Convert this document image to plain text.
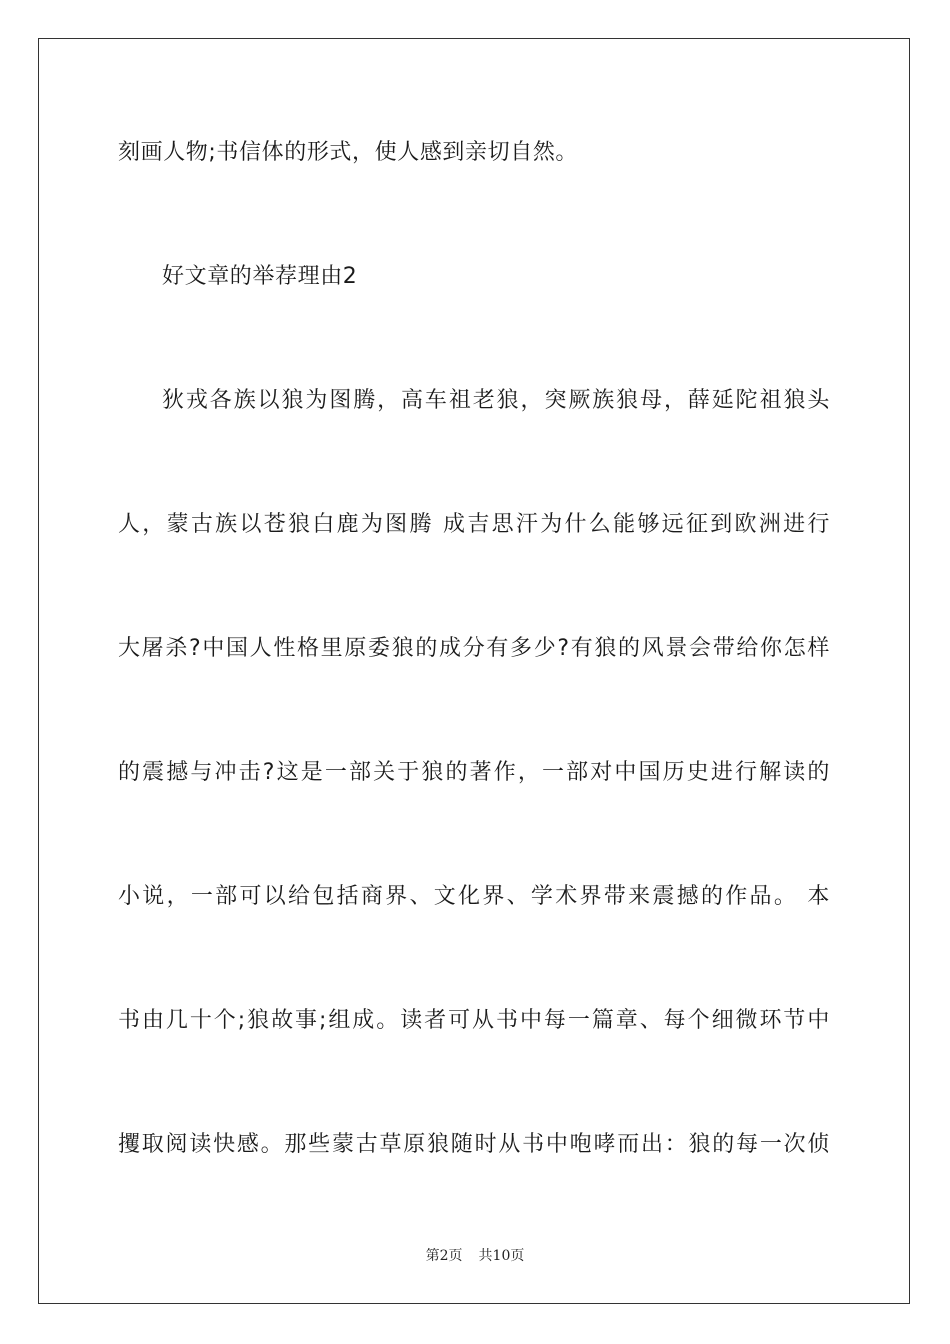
刻画人物;书信体的形式，使人感到亲切自然。
好文章的举荐理由2
狄戎各族以狼为图腾，高车祖老狼，突厥族狼母，薛延陀祖狼头
人，蒙古族以苍狼白鹿为图腾 成吉思汗为什么能够远征到欧洲进行
大屠杀?中国人性格里原委狼的成分有多少?有狼的风景会带给你怎样
的震撼与冲击?这是一部关于狼的著作，一部对中国历史进行解读的
小说，一部可以给包括商界、文化界、学术界带来震撼的作品。 本
书由几十个;狼故事;组成。读者可从书中每一篇章、每个细微环节中
攫取阅读快感。那些蒙古草原狼随时从书中咆哮而出：狼的每一次侦
第2页 共10页
